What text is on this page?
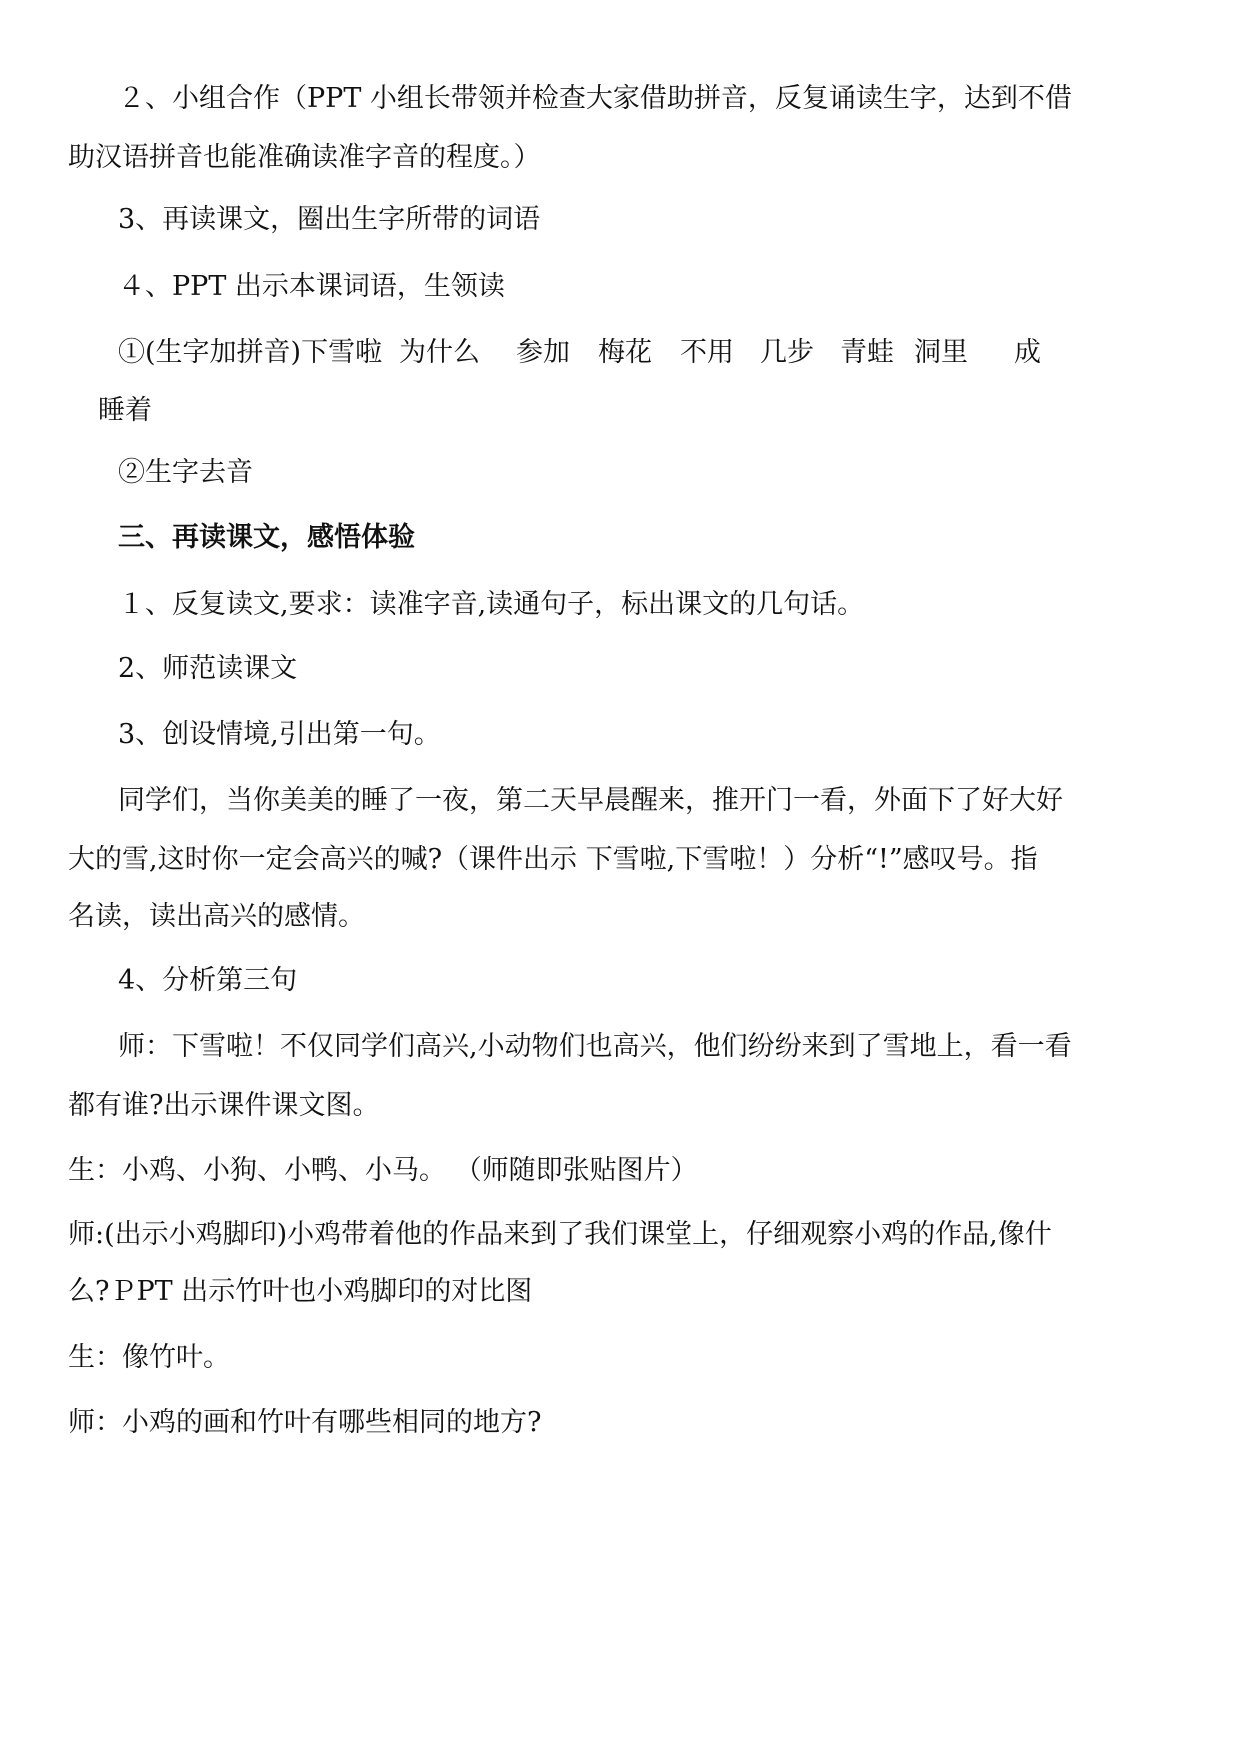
２、小组合作（PPT 小组长带领并检查大家借助拼音，反复诵读生字，达到不借

助汉语拼音也能准确读准字音的程度。）

3、再读课文，圈出生字所带的词语

４、PPT 出示本课词语，生领读

①(生字加拼音)下雪啦 为什么 参加 梅花 不用 几步 青蛙 洞里 成

睡着

②生字去音

三、再读课文，感悟体验

１、反复读文,要求：读准字音,读通句子，标出课文的几句话。

2、师范读课文

3、创设情境,引出第一句。

同学们，当你美美的睡了一夜，第二天早晨醒来，推开门一看，外面下了好大好

大的雪,这时你一定会高兴的喊?（课件出示 下雪啦,下雪啦！）分析“!”感叹号。指

名读，读出高兴的感情。

4、分析第三句

师：下雪啦！不仅同学们高兴,小动物们也高兴，他们纷纷来到了雪地上，看一看

都有谁?出示课件课文图。

生：小鸡、小狗、小鸭、小马。 （师随即张贴图片）

师:(出示小鸡脚印)小鸡带着他的作品来到了我们课堂上，仔细观察小鸡的作品,像什

么?ＰPT 出示竹叶也小鸡脚印的对比图

生：像竹叶。

师：小鸡的画和竹叶有哪些相同的地方?
